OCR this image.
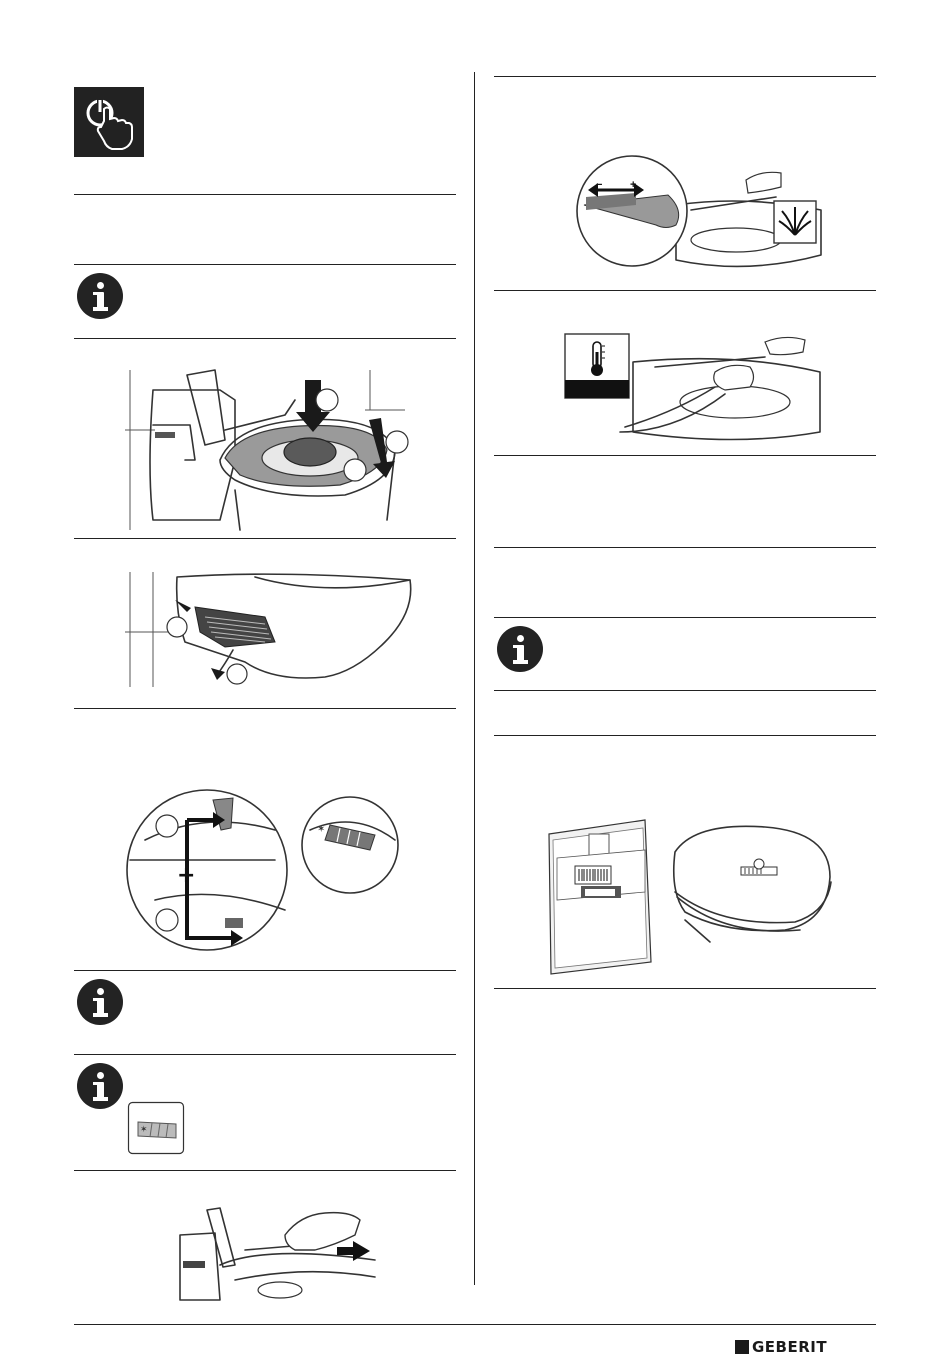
+
✶
✶
−	+
GEBERIT
